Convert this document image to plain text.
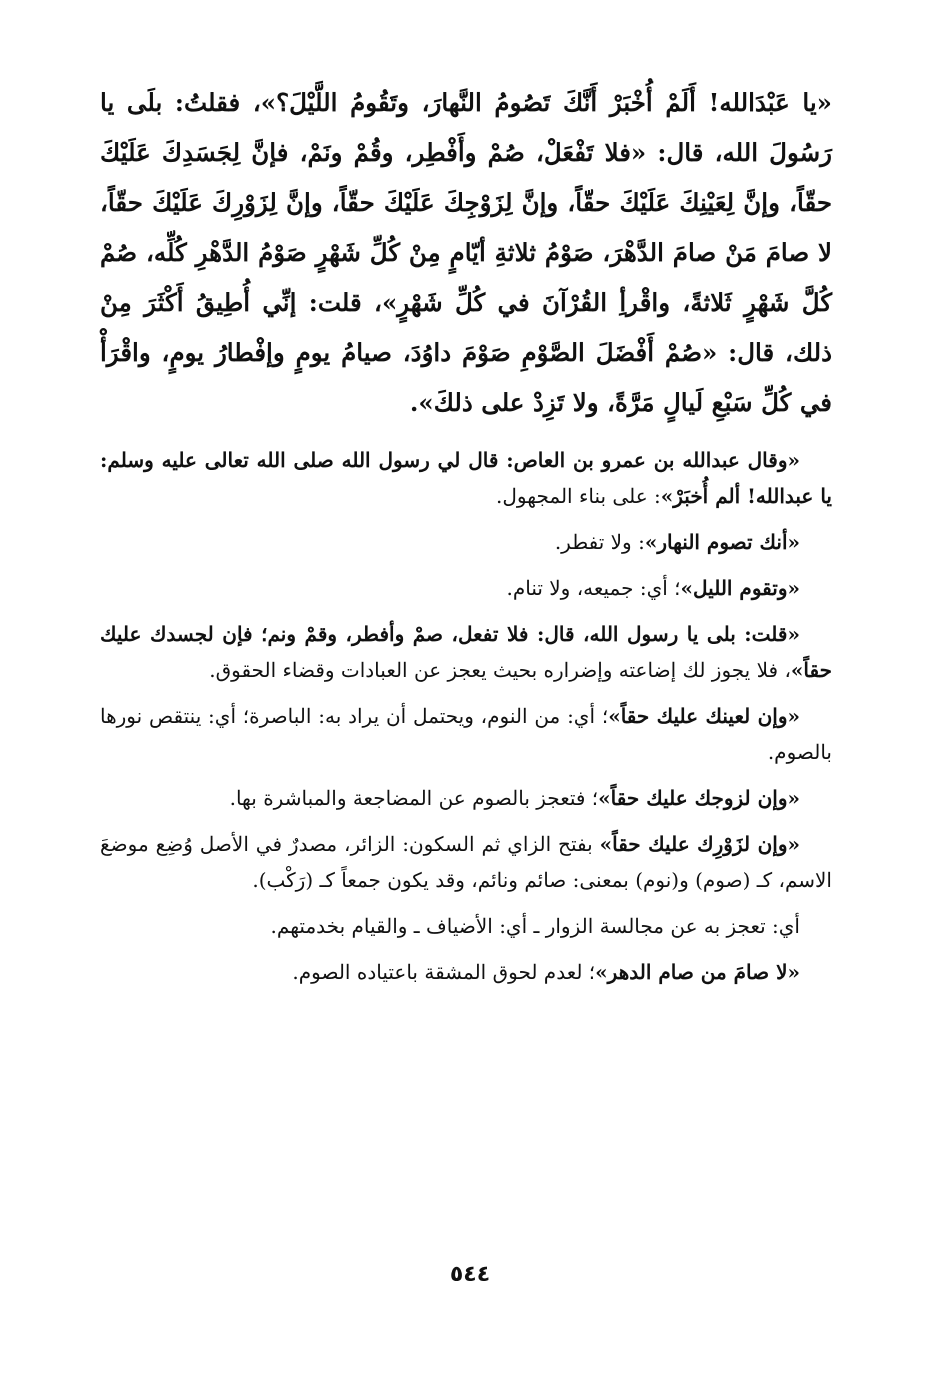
«يا عَبْدَالله! أَلَمْ أُخْبَرْ أَنَّكَ تَصُومُ النَّهارَ، وتَقُومُ اللَّيْلَ؟»، فقلتُ: بلَى يا رَسُولَ الله، قال: «فلا تَفْعَلْ، صُمْ وأَفْطِر، وقُمْ ونَمْ، فإنَّ لِجَسَدِكَ عَلَيْكَ حقّاً، وإنَّ لِعَيْنِكَ عَلَيْكَ حقّاً، وإنَّ لِزَوْجِكَ عَلَيْكَ حقّاً، وإنَّ لِزَوْرِكَ عَلَيْكَ حقّاً، لا صامَ مَنْ صامَ الدَّهْرَ، صَوْمُ ثلاثةِ أيّامٍ مِنْ كُلِّ شَهْرٍ صَوْمُ الدَّهْرِ كُلِّه، صُمْ كُلَّ شَهْرٍ ثَلاثةً، واقْرأِ القُرْآنَ في كُلِّ شَهْرٍ»، قلت: إنِّي أُطِيقُ أَكْثَرَ مِنْ ذلك، قال: «صُمْ أَفْضَلَ الصَّوْمِ صَوْمَ داوُدَ، صيامُ يومٍ وإفْطارُ يومٍ، واقْرَأْ في كُلِّ سَبْعِ لَيالٍ مَرَّةً، ولا تَزِدْ على ذلكَ».

«وقال عبدالله بن عمرو بن العاص: قال لي رسول الله صلى الله تعالى عليه وسلم: يا عبدالله! ألم أُخبَرْ»: على بناء المجهول.

«أنك تصوم النهار»: ولا تفطر.

«وتقوم الليل»؛ أي: جميعه، ولا تنام.

«قلت: بلى يا رسول الله، قال: فلا تفعل، صمْ وأفطر، وقمْ ونم؛ فإن لجسدك عليك حقاً»، فلا يجوز لك إضاعته وإضراره بحيث يعجز عن العبادات وقضاء الحقوق.

«وإن لعينك عليك حقاً»؛ أي: من النوم، ويحتمل أن يراد به: الباصرة؛ أي: ينتقص نورها بالصوم.

«وإن لزوجك عليك حقاً»؛ فتعجز بالصوم عن المضاجعة والمباشرة بها.

«وإن لزَوْرِك عليك حقاً» بفتح الزاي ثم السكون: الزائر، مصدرٌ في الأصل وُضِع موضعَ الاسم، كـ (صوم) و(نوم) بمعنى: صائم ونائم، وقد يكون جمعاً كـ (رَكْب).

أي: تعجز به عن مجالسة الزوار ـ أي: الأضياف ـ والقيام بخدمتهم.

«لا صامَ من صام الدهر»؛ لعدم لحوق المشقة باعتياده الصوم.

٥٤٤
